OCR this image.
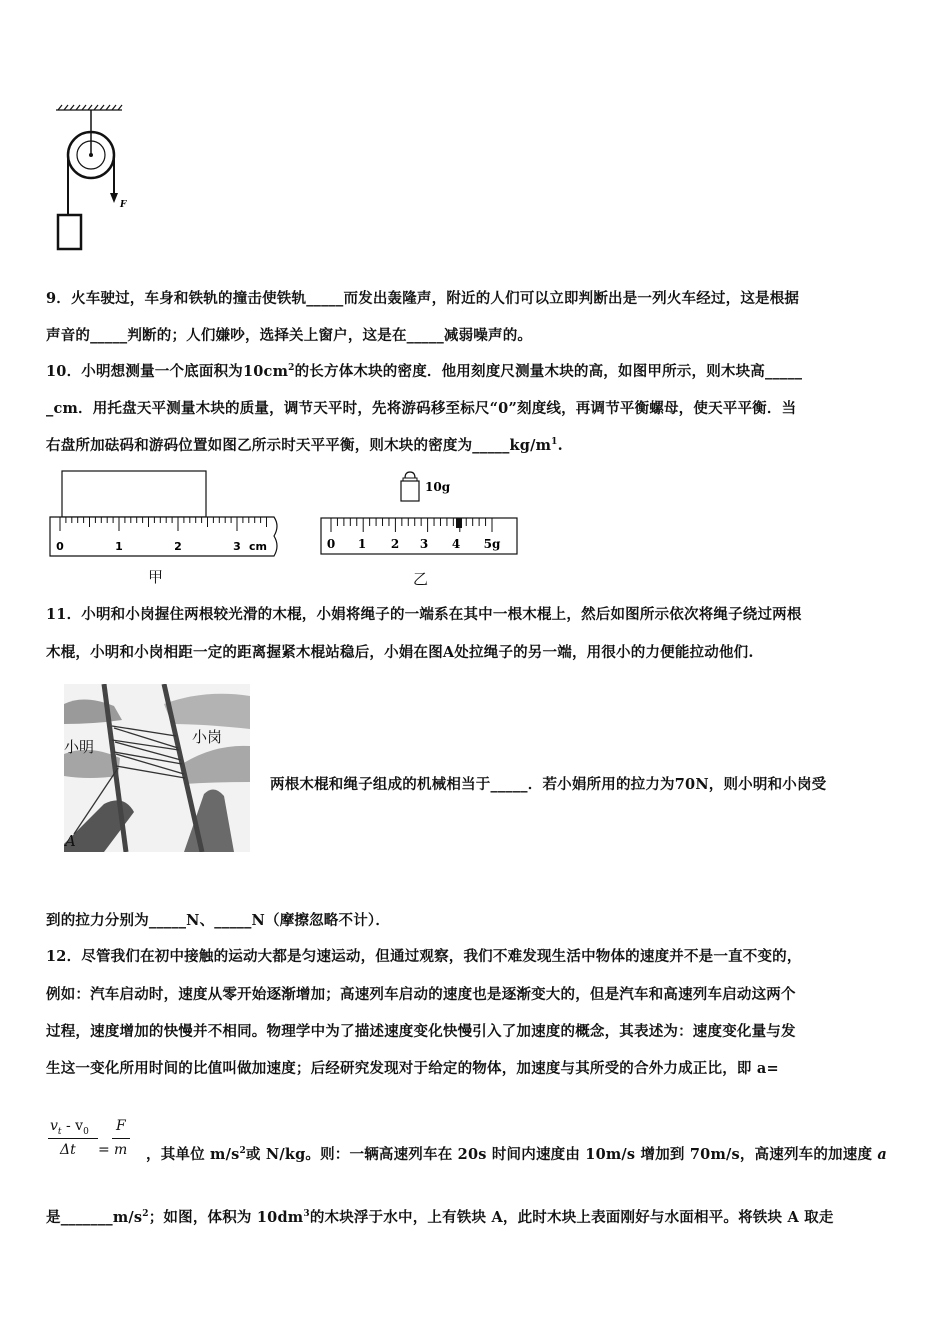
F
9．火车驶过，车身和铁轨的撞击使铁轨_____而发出轰隆声，附近的人们可以立即判断出是一列火车经过，这是根据
声音的_____判断的；人们嫌吵，选择关上窗户，这是在_____减弱噪声的。
10．小明想测量一个底面积为$10cm^2$的长方体木块的密度．他用刻度尺测量木块的高，如图甲所示，则木块高_____
_cm．用托盘天平测量木块的质量，调节天平时，先将游码移至标尺“0”刻度线，再调节平衡螺母，使天平平衡．当
右盘所加砝码和游码位置如图乙所示时天平平衡，则木块的密度为$\_\_\_\_\_kg/m^1$.
0	1	2	3 cm
甲
10g
0 1 2 3 4 5g
乙
11．小明和小岗握住两根较光滑的木棍，小娟将绳子的一端系在其中一根木棍上，然后如图所示依次将绳子绕过两根
木棍，小明和小岗相距一定的距离握紧木棍站稳后，小娟在图A处拉绳子的另一端，用很小的力便能拉动他们.
小明
小岗
A
两根木棍和绳子组成的机械相当于_____．若小娟所用的拉力为70N，则小明和小岗受
到的拉力分别为_____N、_____N（摩擦忽略不计）．
12．尽管我们在初中接触的运动大都是匀速运动，但通过观察，我们不难发现生活中物体的速度并不是一直不变的，
例如：汽车启动时，速度从零开始逐渐增加；高速列车启动的速度也是逐渐变大的，但是汽车和高速列车启动这两个
过程，速度增加的快慢并不相同。物理学中为了描述速度变化快慢引入了加速度的概念，其表述为：速度变化量与发
生这一变化所用时间的比值叫做加速度；后经研究发现对于给定的物体，加速度与其所受的合外力成正比，即 a=
$v_t - v_0$
Δt =
F
m ，其单位 $m/s^2$或 N/kg。则：一辆高速列车在 20s 时间内速度由 10m/s 增加到 70m/s，高速列车的加速度 a
是$\_\_\_\_\_\_\_m/s^2$；如图，体积为 $10dm^3$的木块浮于水中，上有铁块 A，此时木块上表面刚好与水面相平。将铁块 A 取走
